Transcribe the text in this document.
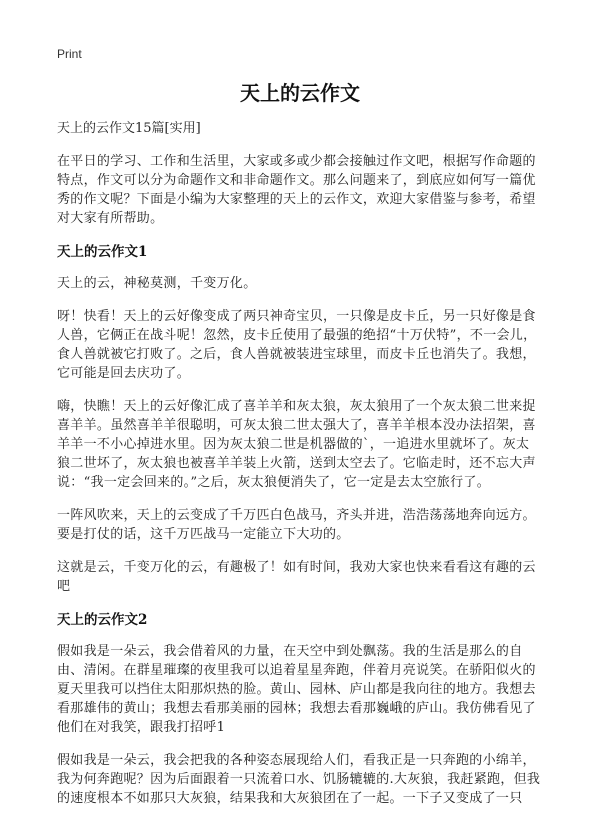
Print
天上的云作文

天上的云作文15篇[实用]

在平日的学习、工作和生活里，大家或多或少都会接触过作文吧，根据写作命题的特点，作文可以分为命题作文和非命题作文。那么问题来了，到底应如何写一篇优秀的作文呢？下面是小编为大家整理的天上的云作文，欢迎大家借鉴与参考，希望对大家有所帮助。

天上的云作文1

天上的云，神秘莫测，千变万化。

呀！快看！天上的云好像变成了两只神奇宝贝，一只像是皮卡丘，另一只好像是食人兽，它俩正在战斗呢！忽然，皮卡丘使用了最强的绝招“十万伏特”，不一会儿，食人兽就被它打败了。之后，食人兽就被装进宝球里，而皮卡丘也消失了。我想，它可能是回去庆功了。

嗨，快瞧！天上的云好像汇成了喜羊羊和灰太狼，灰太狼用了一个灰太狼二世来捉喜羊羊。虽然喜羊羊很聪明，可灰太狼二世太强大了，喜羊羊根本没办法招架，喜羊羊一不小心掉进水里。因为灰太狼二世是机器做的`，一追进水里就坏了。灰太狼二世坏了，灰太狼也被喜羊羊装上火箭，送到太空去了。它临走时，还不忘大声说：“我一定会回来的。”之后，灰太狼便消失了，它一定是去太空旅行了。

一阵风吹来，天上的云变成了千万匹白色战马，齐头并进，浩浩荡荡地奔向远方。要是打仗的话，这千万匹战马一定能立下大功的。

这就是云，千变万化的云，有趣极了！如有时间，我劝大家也快来看看这有趣的云吧

天上的云作文2

假如我是一朵云，我会借着风的力量，在天空中到处飘荡。我的生活是那么的自由、清闲。在群星璀璨的夜里我可以追着星星奔跑，伴着月亮说笑。在骄阳似火的夏天里我可以挡住太阳那炽热的脸。黄山、园林、庐山都是我向往的地方。我想去看那雄伟的黄山；我想去看那美丽的园林；我想去看那巍峨的庐山。我仿佛看见了他们在对我笑，跟我打招呼1

假如我是一朵云，我会把我的各种姿态展现给人们，看我正是一只奔跑的小绵羊，我为何奔跑呢？因为后面跟着一只流着口水、饥肠辘辘的.大灰狼，我赶紧跑，但我的速度根本不如那只大灰狼，结果我和大灰狼团在了一起。一下子又变成了一只
